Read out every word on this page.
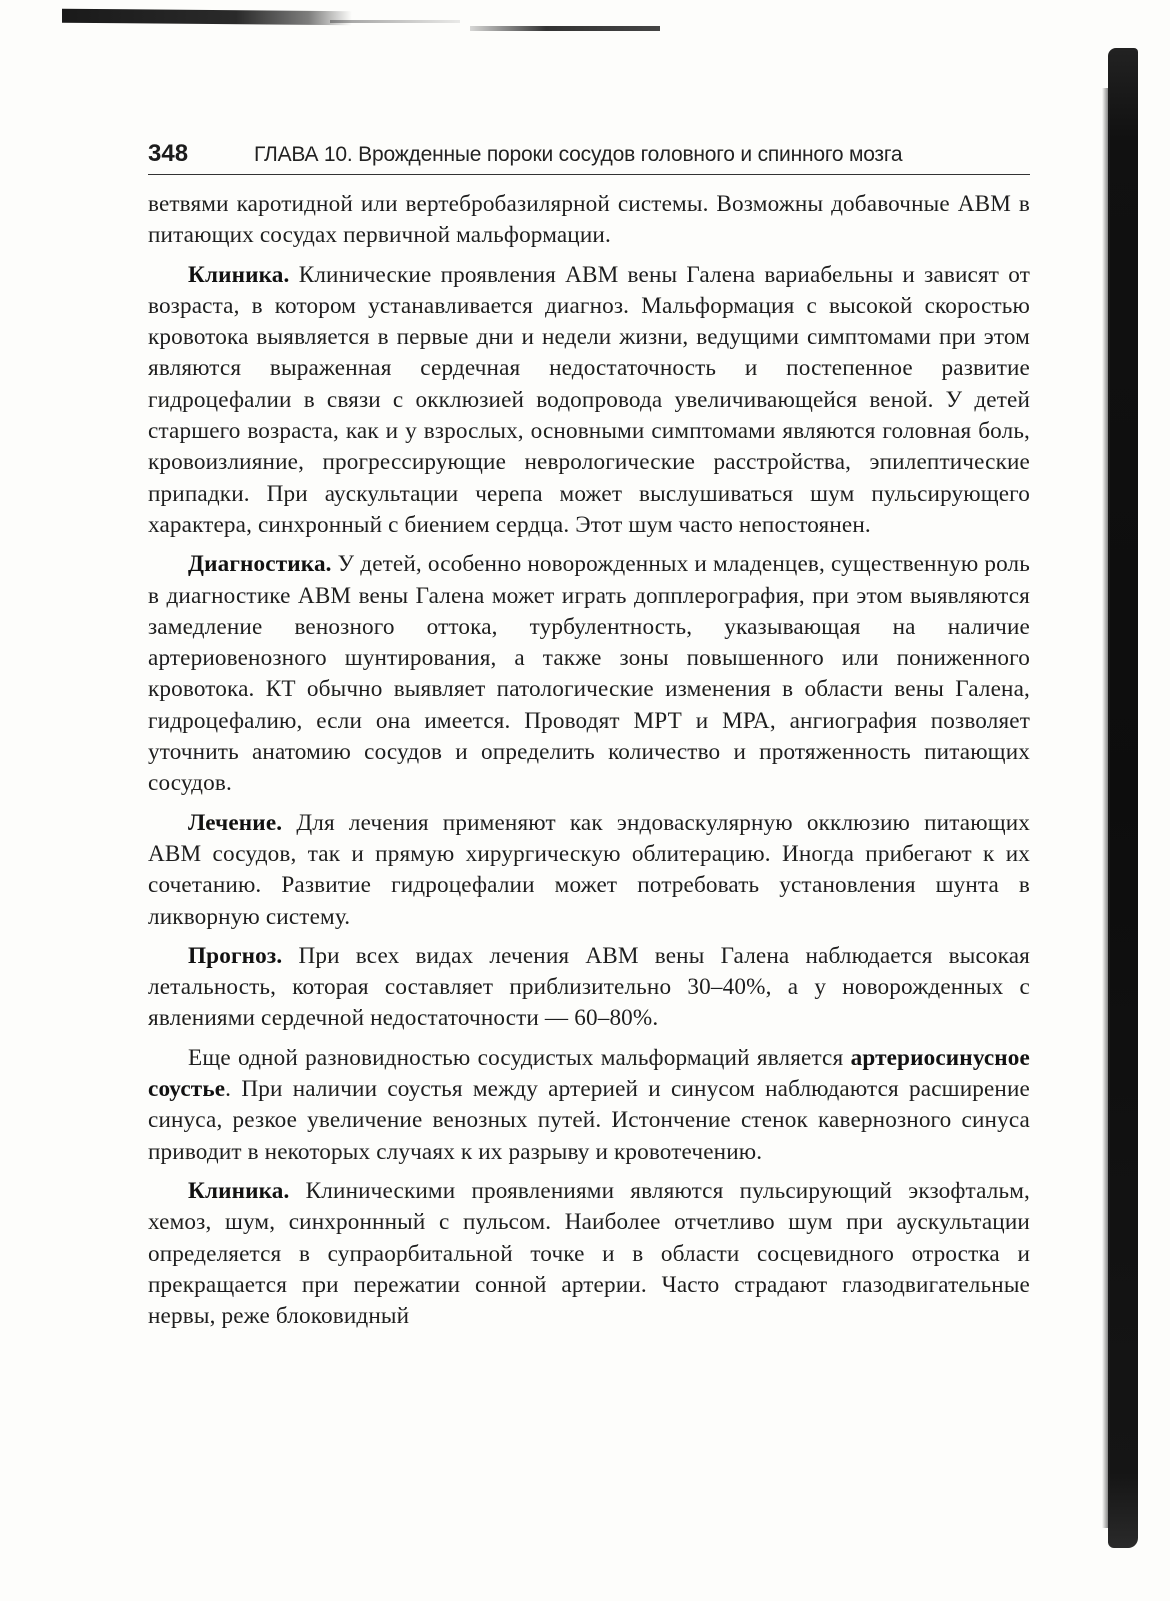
348	ГЛАВА 10. Врожденные пороки сосудов головного и спинного мозга

ветвями каротидной или вертебробазилярной системы. Возможны добавочные АВМ в питающих сосудах первичной мальформации.

Клиника. Клинические проявления АВМ вены Галена вариабельны и зависят от возраста, в котором устанавливается диагноз. Мальформация с высокой скоростью кровотока выявляется в первые дни и недели жизни, ведущими симптомами при этом являются выраженная сердечная недостаточность и постепенное развитие гидроцефалии в связи с окклюзией водопровода увеличивающейся веной. У детей старшего возраста, как и у взрослых, основными симптомами являются головная боль, кровоизлияние, прогрессирующие неврологические расстройства, эпилептические припадки. При аускультации черепа может выслушиваться шум пульсирующего характера, синхронный с биением сердца. Этот шум часто непостоянен.

Диагностика. У детей, особенно новорожденных и младенцев, существенную роль в диагностике АВМ вены Галена может играть допплерография, при этом выявляются замедление венозного оттока, турбулентность, указывающая на наличие артериовенозного шунтирования, а также зоны повышенного или пониженного кровотока. КТ обычно выявляет патологические изменения в области вены Галена, гидроцефалию, если она имеется. Проводят МРТ и МРА, ангиография позволяет уточнить анатомию сосудов и определить количество и протяженность питающих сосудов.

Лечение. Для лечения применяют как эндоваскулярную окклюзию питающих АВМ сосудов, так и прямую хирургическую облитерацию. Иногда прибегают к их сочетанию. Развитие гидроцефалии может потребовать установления шунта в ликворную систему.

Прогноз. При всех видах лечения АВМ вены Галена наблюдается высокая летальность, которая составляет приблизительно 30–40%, а у новорожденных с явлениями сердечной недостаточности — 60–80%.

Еще одной разновидностью сосудистых мальформаций является артериосинусное соустье. При наличии соустья между артерией и синусом наблюдаются расширение синуса, резкое увеличение венозных путей. Истончение стенок кавернозного синуса приводит в некоторых случаях к их разрыву и кровотечению.

Клиника. Клиническими проявлениями являются пульсирующий экзофтальм, хемоз, шум, синхроннный с пульсом. Наиболее отчетливо шум при аускультации определяется в супраорбитальной точке и в области сосцевидного отростка и прекращается при пережатии сонной артерии. Часто страдают глазодвигательные нервы, реже блоковидный
